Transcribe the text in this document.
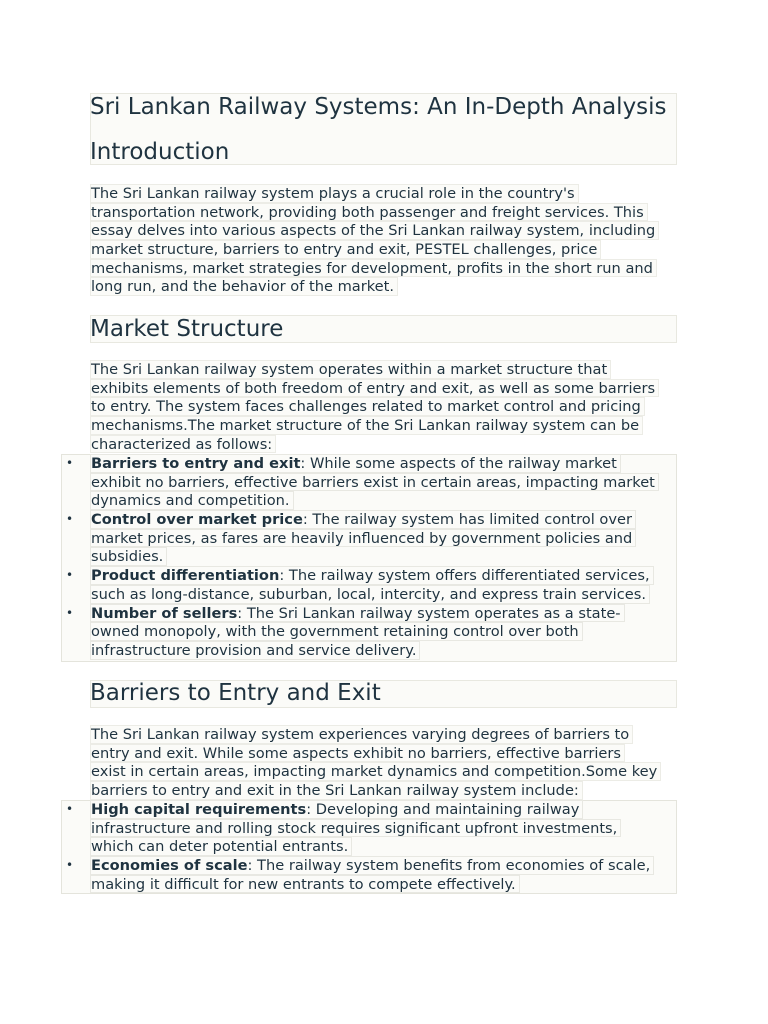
Sri Lankan Railway Systems: An In-Depth Analysis
Introduction
The Sri Lankan railway system plays a crucial role in the country's
transportation network, providing both passenger and freight services. This
essay delves into various aspects of the Sri Lankan railway system, including
market structure, barriers to entry and exit, PESTEL challenges, price
mechanisms, market strategies for development, profits in the short run and
long run, and the behavior of the market.
Market Structure
The Sri Lankan railway system operates within a market structure that
exhibits elements of both freedom of entry and exit, as well as some barriers
to entry. The system faces challenges related to market control and pricing
mechanisms.The market structure of the Sri Lankan railway system can be
characterized as follows:
• Barriers to entry and exit: While some aspects of the railway market
exhibit no barriers, effective barriers exist in certain areas, impacting market
dynamics and competition.
• Control over market price: The railway system has limited control over
market prices, as fares are heavily influenced by government policies and
subsidies.
• Product differentiation: The railway system offers differentiated services,
such as long-distance, suburban, local, intercity, and express train services.
• Number of sellers: The Sri Lankan railway system operates as a state-
owned monopoly, with the government retaining control over both
infrastructure provision and service delivery.
Barriers to Entry and Exit
The Sri Lankan railway system experiences varying degrees of barriers to
entry and exit. While some aspects exhibit no barriers, effective barriers
exist in certain areas, impacting market dynamics and competition.Some key
barriers to entry and exit in the Sri Lankan railway system include:
• High capital requirements: Developing and maintaining railway
infrastructure and rolling stock requires significant upfront investments,
which can deter potential entrants.
• Economies of scale: The railway system benefits from economies of scale,
making it difficult for new entrants to compete effectively.
